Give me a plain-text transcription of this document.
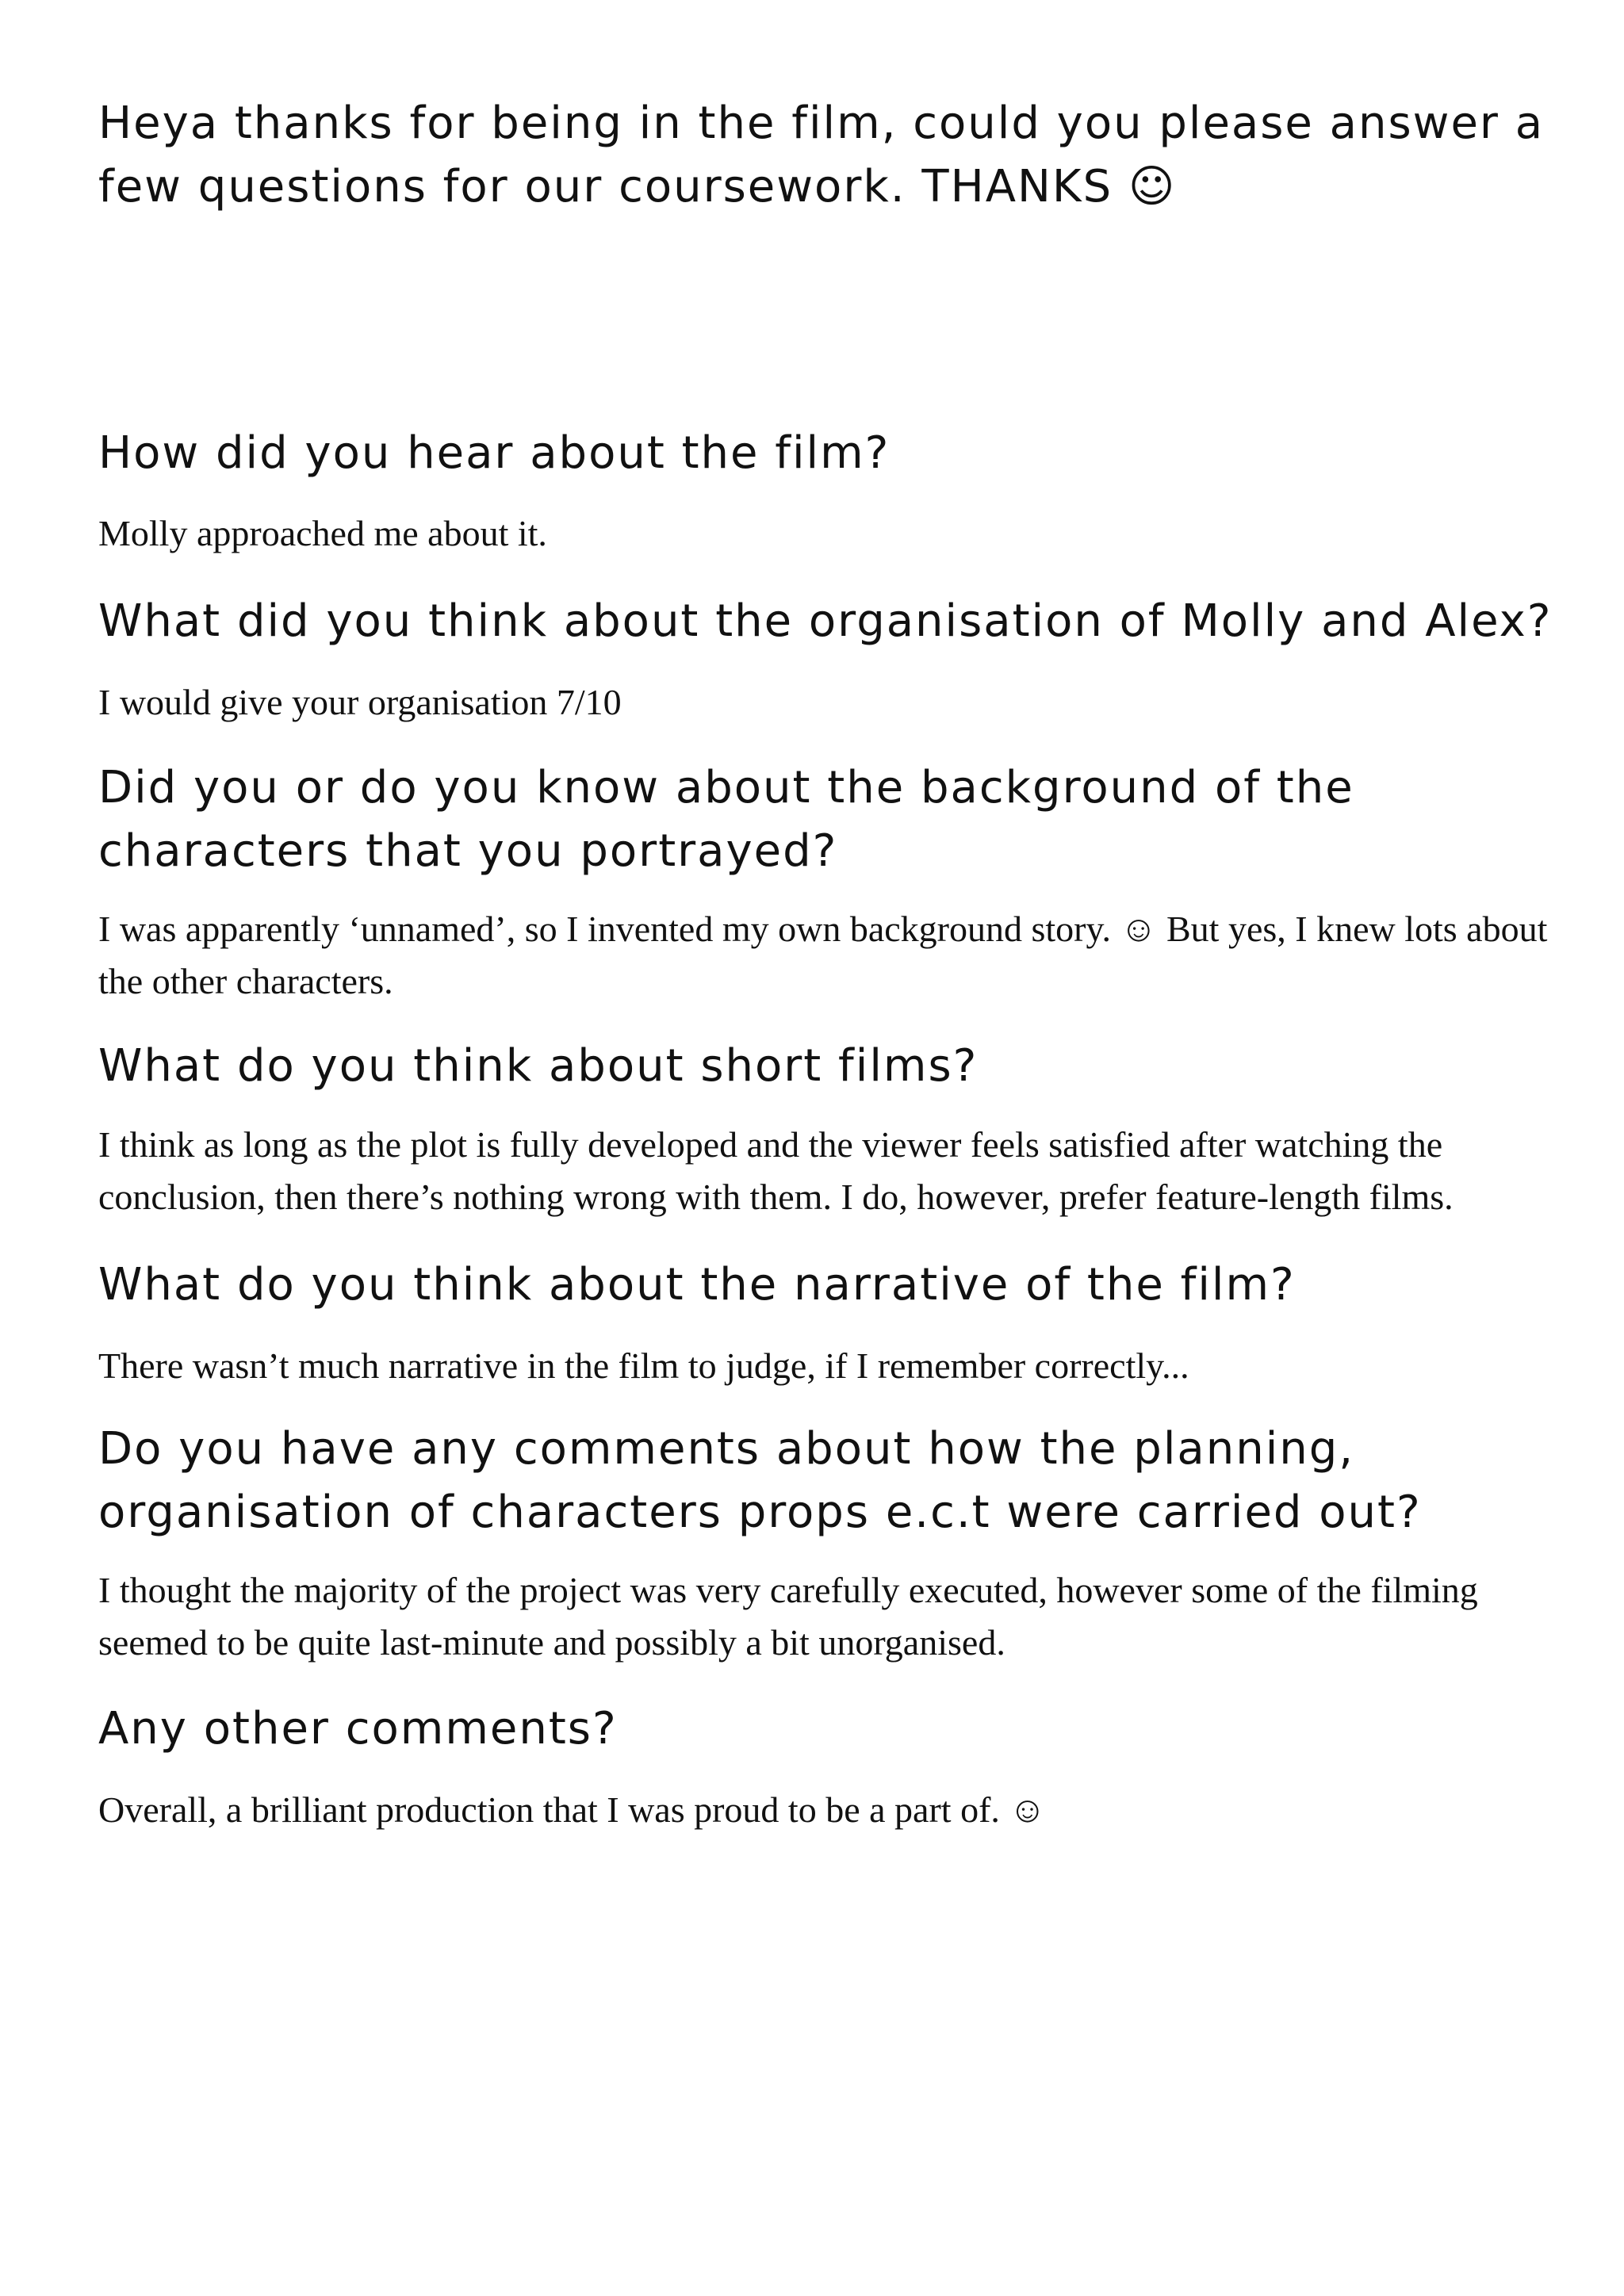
Heya thanks for being in the film, could you please answer a few questions for our coursework. THANKS ☺

How did you hear about the film?

Molly approached me about it.

What did you think about the organisation of Molly and Alex?

I would give your organisation 7/10

Did you or do you know about the background of the characters that you portrayed?

I was apparently ‘unnamed’, so I invented my own background story. ☺ But yes, I knew lots about the other characters.

What do you think about short films?

I think as long as the plot is fully developed and the viewer feels satisfied after watching the conclusion, then there’s nothing wrong with them. I do, however, prefer feature-length films.

What do you think about the narrative of the film?

There wasn’t much narrative in the film to judge, if I remember correctly...

Do you have any comments about how the planning, organisation of characters props e.c.t were carried out?

I thought the majority of the project was very carefully executed, however some of the filming seemed to be quite last-minute and possibly a bit unorganised.

Any other comments?

Overall, a brilliant production that I was proud to be a part of. ☺
